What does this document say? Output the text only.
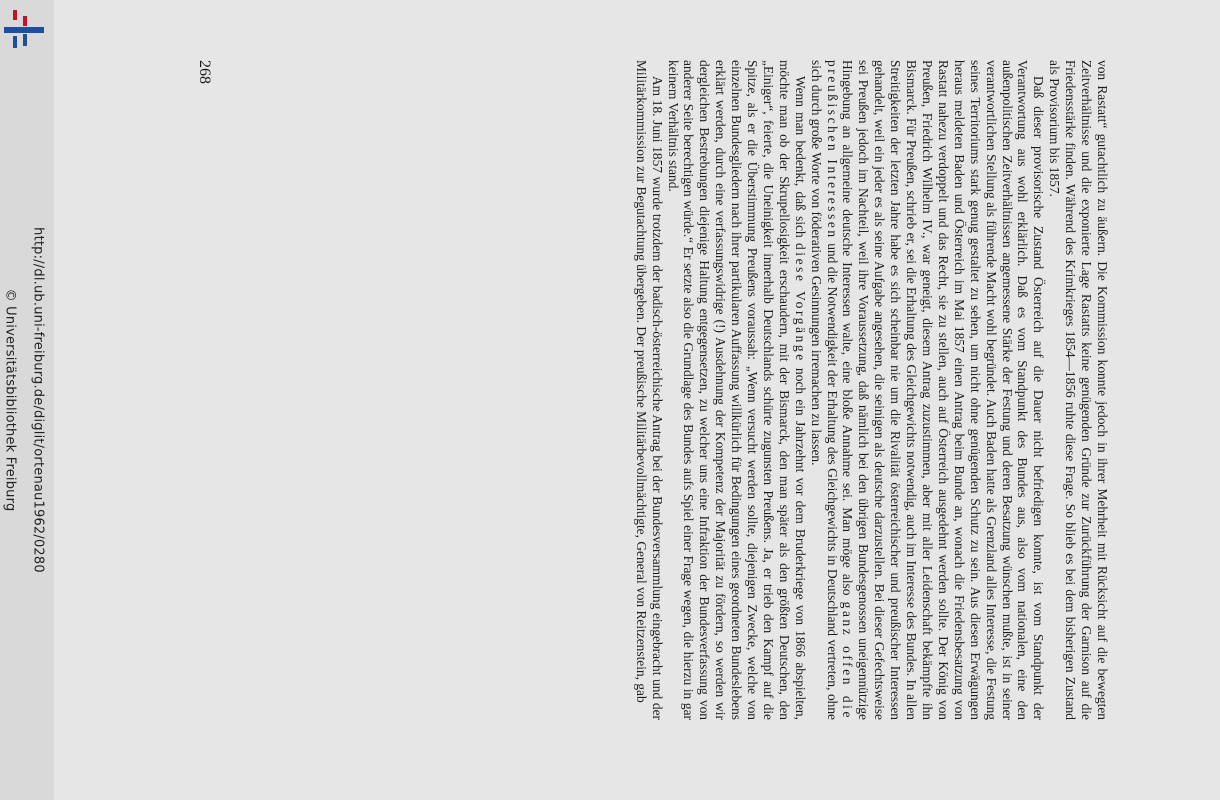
http://dl.ub.uni-freiburg.de/diglit/ortenau1962/0280
© Universitätsbibliothek Freiburg	von Rastatt“ gutachtlich zu äußern. Die Kommission konnte jedoch in ihrer Mehrheit mit Rücksicht auf die bewegten Zeitverhältnisse und die exponierte Lage Rastatts keine genügenden Gründe zur Zurückführung der Garnison auf die Friedensstärke finden. Während des Krimkrieges 1854—1856 ruhte diese Frage. So blieb es bei dem bisherigen Zustand als Provisorium bis 1857.

Daß dieser provisorische Zustand Österreich auf die Dauer nicht befriedigen konnte, ist vom Standpunkt der Verantwortung aus wohl erklärlich. Daß es vom Standpunkt des Bundes aus, also vom nationalen, eine den außenpolitischen Zeitverhältnissen angemessene Stärke der Festung und deren Besatzung wünschen mußte, ist in seiner verantwortlichen Stellung als führende Macht wohl begründet. Auch Baden hatte als Grenzland alles Interesse, die Festung seines Territoriums stark genug gestaltet zu sehen, um nicht ohne genügenden Schutz zu sein. Aus diesen Erwägungen heraus meldeten Baden und Österreich im Mai 1857 einen Antrag beim Bunde an, wonach die Friedensbesatzung von Rastatt nahezu verdoppelt und das Recht, sie zu stellen, auch auf Österreich ausgedehnt werden sollte. Der König von Preußen, Friedrich Wilhelm IV., war geneigt, diesem Antrag zuzustimmen, aber mit aller Leidenschaft bekämpfte ihn Bismarck. Für Preußen, schrieb er, sei die Erhaltung des Gleichgewichts notwendig, auch im Interesse des Bundes. In allen Streitigkeiten der letzten Jahre habe es sich scheinbar nie um die Rivalität österreichischer und preußischer Interessen gehandelt, weil ein jeder es als seine Aufgabe angesehen, die seinigen als deutsche darzustellen. Bei dieser Gefechtsweise sei Preußen jedoch im Nachteil, weil ihre Voraussetzung, daß nämlich bei den übrigen Bundesgenossen uneigennützige Hingebung an allgemeine deutsche Interessen walte, eine bloße Annahme sei. Man möge also ganz offen die preußischen Interessen und die Notwendigkeit der Erhaltung des Gleichgewichts in Deutschland vertreten, ohne sich durch große Worte von föderativen Gesinnungen irremachen zu lassen.

Wenn man bedenkt, daß sich diese Vorgänge noch ein Jahrzehnt vor dem Bruderkriege von 1866 abspielten, möchte man ob der Skrupellosigkeit erschaudern, mit der Bismarck, den man später als den größten Deutschen, den „Einiger“, feierte, die Uneinigkeit innerhalb Deutschlands schürte zugunsten Preußens. Ja, er trieb den Kampf auf die Spitze, als er die Überstimmung Preußens voraussah: „Wenn versucht werden sollte, diejenigen Zwecke, welche von einzelnen Bundesgliedern nach ihrer partikularen Auffassung willkürlich für Bedingungen eines geordneten Bundeslebens erklärt werden, durch eine verfassungswidrige (!) Ausdehnung der Kompetenz der Majorität zu fördern, so werden wir dergleichen Bestrebungen diejenige Haltung entgegensetzen, zu welcher uns eine Infraktion der Bundesverfassung von anderer Seite berechtigen würde.“ Er setzte also die Grundlage des Bundes aufs Spiel einer Frage wegen, die hierzu in gar keinem Verhältnis stand.

Am 18. Juni 1857 wurde trotzdem der badisch-österreichische Antrag bei der Bundesversammlung eingebracht und der Militärkommission zur Begutachtung übergeben. Der preußische Militärbevollmächtigte, General von Reitzenstein, gab

268
